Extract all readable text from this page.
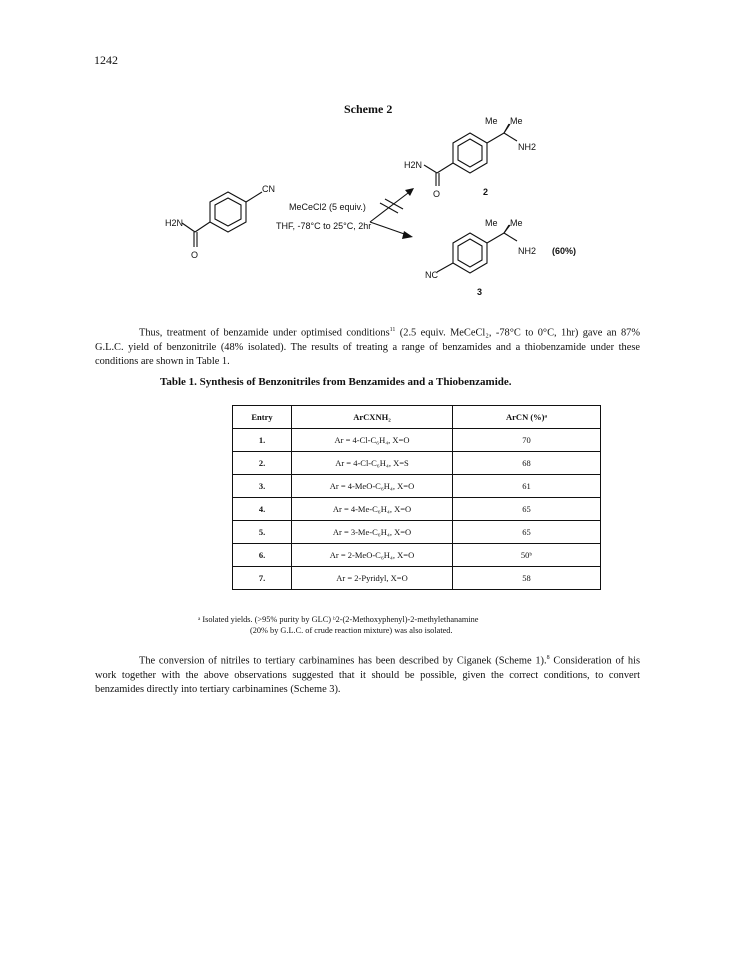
1242
Scheme 2
CN
H2N
O
MeCeCl2 (5 equiv.)
THF, -78°C to 25°C, 2hr
Me Me
NH2
H2N
O	2
Me Me
NH2 (60%)
NC
3
Thus, treatment of benzamide under optimised conditions$^{11}$ (2.5 equiv. MeCeCl₂, -78°C to 0°C, 1hr) gave an 87% G.L.C. yield of benzonitrile (48% isolated). The results of treating a range of benzamides and a thiobenzamide under these conditions are shown in Table 1.
Table 1. Synthesis of Benzonitriles from Benzamides and a Thiobenzamide.
Entry	ArCXNH₂	ArCN (%)ᵃ
1.	Ar = 4-Cl-C₆H₄, X=O	70
2.	Ar = 4-Cl-C₆H₄, X=S	68
3.	Ar = 4-MeO-C₆H₄, X=O	61
4.	Ar = 4-Me-C₆H₄, X=O	65
5.	Ar = 3-Me-C₆H₄, X=O	65
6.	Ar = 2-MeO-C₆H₄, X=O	50ᵇ
7.	Ar = 2-Pyridyl, X=O	58
ᵃ Isolated yields. (>95% purity by GLC) ᵇ2-(2-Methoxyphenyl)-2-methylethanamine
(20% by G.L.C. of crude reaction mixture) was also isolated.
The conversion of nitriles to tertiary carbinamines has been described by Ciganek (Scheme 1).$^8$ Consideration of his work together with the above observations suggested that it should be possible, given the correct conditions, to convert benzamides directly into tertiary carbinamines (Scheme 3).
